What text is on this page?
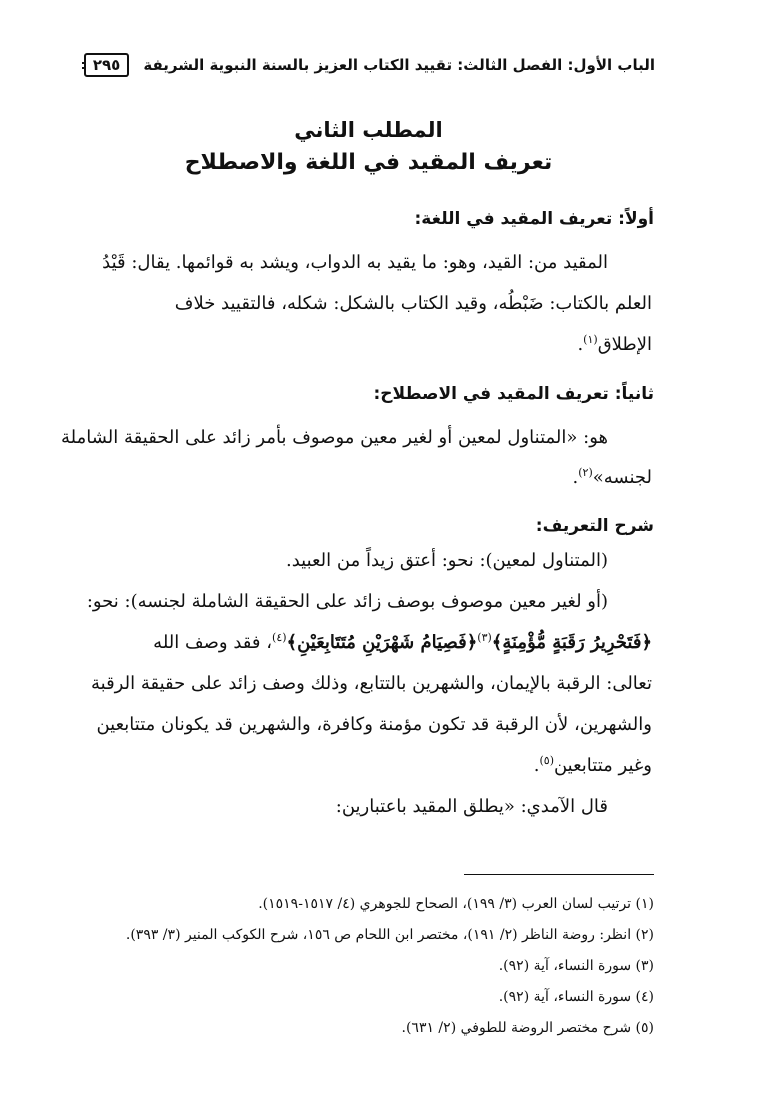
الباب الأول: الفصل الثالث: تقييد الكتاب العزيز بالسنة النبوية الشريفة
٢٩٥
المطلب الثاني
تعريف المقيد في اللغة والاصطلاح
أولاً: تعريف المقيد في اللغة:
المقيد من: القيد، وهو: ما يقيد به الدواب، ويشد به قوائمها. يقال: قَيْدُ
العلم بالكتاب: ضَبْطُه، وقيد الكتاب بالشكل: شكله، فالتقييد خلاف
الإطلاق$^{(١)}$.
ثانياً: تعريف المقيد في الاصطلاح:
هو: «المتناول لمعين أو لغير معين موصوف بأمر زائد على الحقيقة الشاملة
لجنسه»$^{(٢)}$.
شرح التعريف:
(المتناول لمعين): نحو: أعتق زيداً من العبيد.
(أو لغير معين موصوف بوصف زائد على الحقيقة الشاملة لجنسه): نحو:
﴿فَتَحْرِيرُ رَقَبَةٍ مُّؤْمِنَةٍ﴾$^{(٣)}$﴿فَصِيَامُ شَهْرَيْنِ مُتَتَابِعَيْنِ﴾$^{(٤)}$، فقد وصف الله
تعالى: الرقبة بالإيمان، والشهرين بالتتابع، وذلك وصف زائد على حقيقة الرقبة
والشهرين، لأن الرقبة قد تكون مؤمنة وكافرة، والشهرين قد يكونان متتابعين
وغير متتابعين$^{(٥)}$.
قال الآمدي: «يطلق المقيد باعتبارين:
(١) ترتيب لسان العرب (٣/ ١٩٩)، الصحاح للجوهري (٤/ ١٥١٧-١٥١٩).
(٢) انظر: روضة الناظر (٢/ ١٩١)، مختصر ابن اللحام ص ١٥٦، شرح الكوكب المنير (٣/ ٣٩٣).
(٣) سورة النساء، آية (٩٢).
(٤) سورة النساء، آية (٩٢).
(٥) شرح مختصر الروضة للطوفي (٢/ ٦٣١).
